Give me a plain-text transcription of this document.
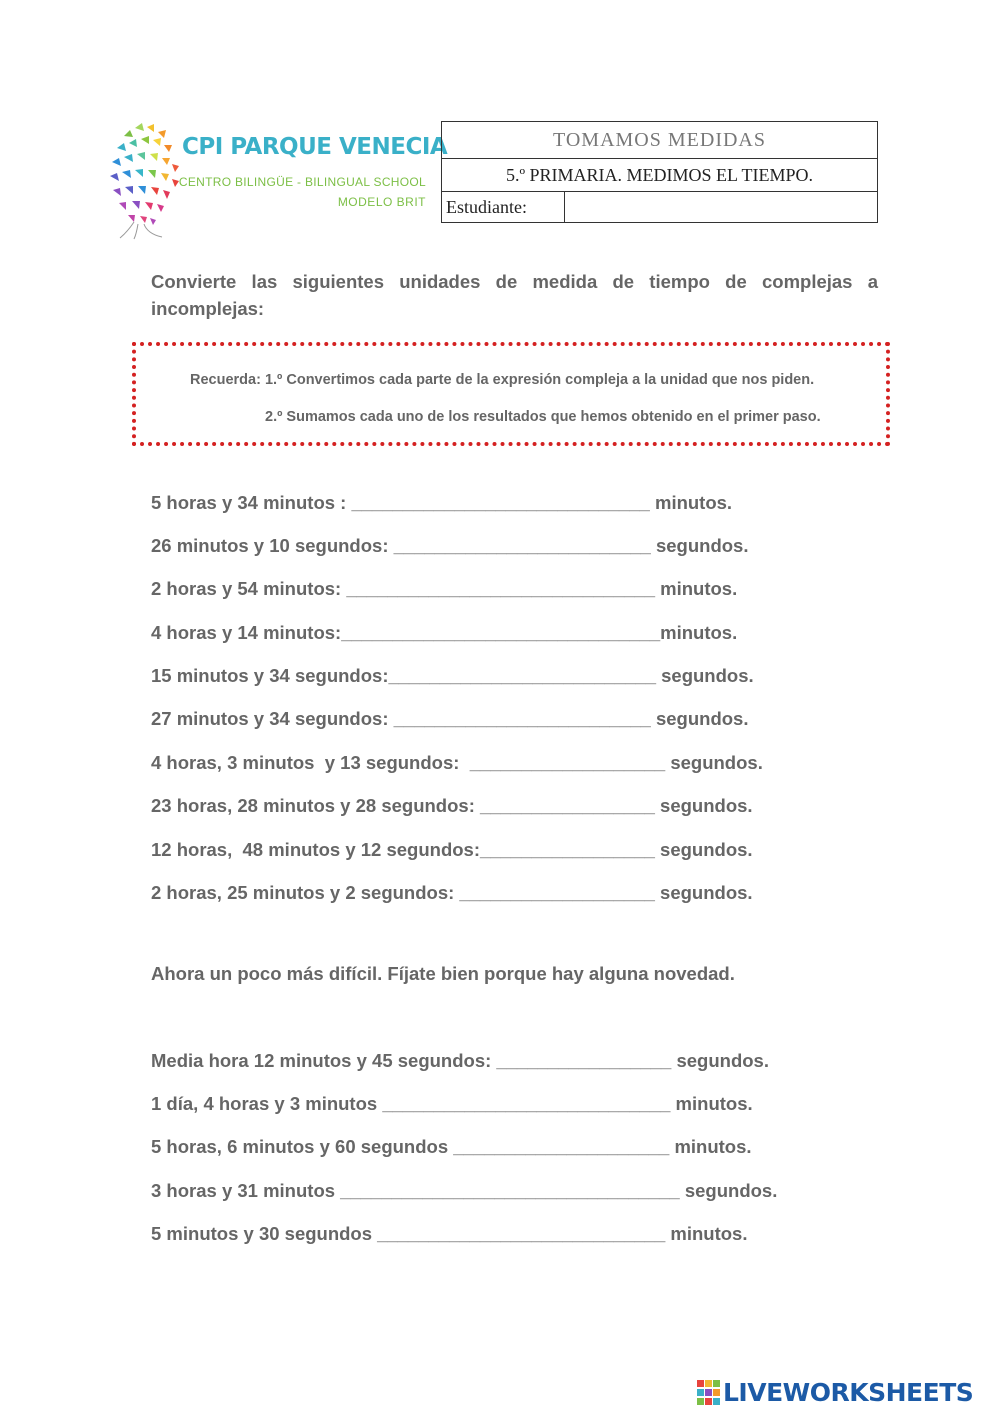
CPI PARQUE VENECIA
CENTRO BILINGÜE - BILINGUAL SCHOOL
MODELO BRIT
TOMAMOS MEDIDAS
5.º PRIMARIA. MEDIMOS EL TIEMPO.
Estudiante:	
Convierte las siguientes unidades de medida de tiempo de complejas a incomplejas:
Recuerda: 1.º Convertimos cada parte de la expresión compleja a la unidad que nos piden.
2.º Sumamos cada uno de los resultados que hemos obtenido en el primer paso.
5 horas y 34 minutos : _____________________________ minutos.
26 minutos y 10 segundos: _________________________ segundos.
2 horas y 54 minutos: ______________________________ minutos.
4 horas y 14 minutos:_______________________________minutos.
15 minutos y 34 segundos:__________________________ segundos.
27 minutos y 34 segundos: _________________________ segundos.
4 horas, 3 minutos  y 13 segundos:  ___________________ segundos.
23 horas, 28 minutos y 28 segundos: _________________ segundos.
12 horas,  48 minutos y 12 segundos:_________________ segundos.
2 horas, 25 minutos y 2 segundos: ___________________ segundos.
Ahora un poco más difícil. Fíjate bien porque hay alguna novedad.
Media hora 12 minutos y 45 segundos: _________________ segundos.
1 día, 4 horas y 3 minutos ____________________________ minutos.
5 horas, 6 minutos y 60 segundos _____________________ minutos.
3 horas y 31 minutos _________________________________ segundos.
5 minutos y 30 segundos ____________________________ minutos.
LIVEWORKSHEETS
